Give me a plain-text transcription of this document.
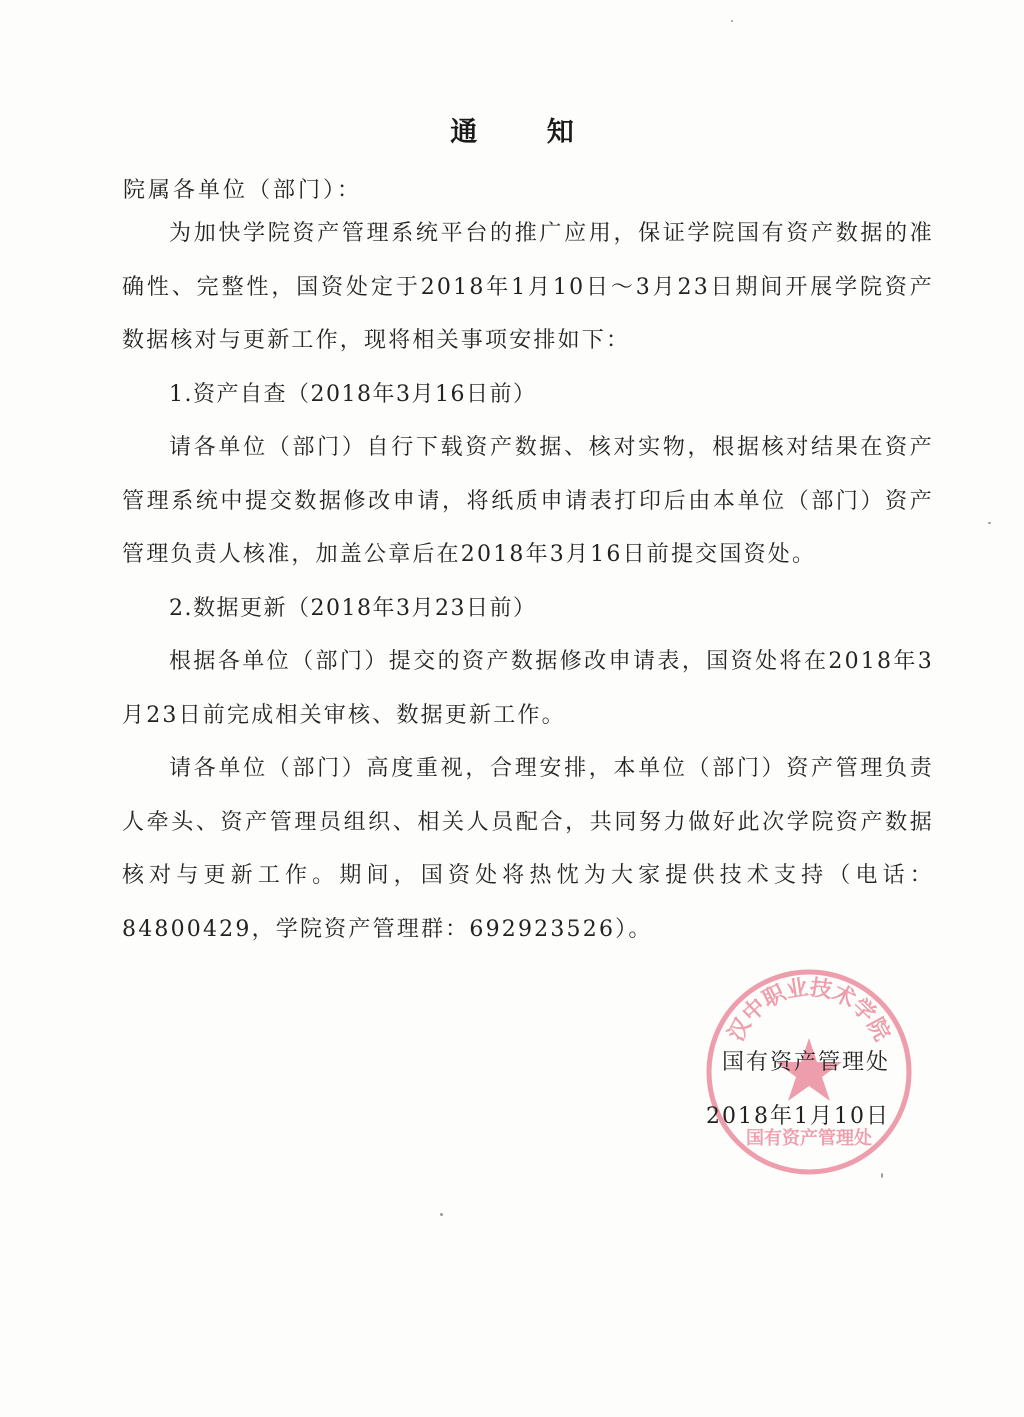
通 知
院属各单位（部门）：

为加快学院资产管理系统平台的推广应用，保证学院国有资产数据的准确性、完整性，国资处定于2018年1月10日～3月23日期间开展学院资产数据核对与更新工作，现将相关事项安排如下：

1.资产自查（2018年3月16日前）

请各单位（部门）自行下载资产数据、核对实物，根据核对结果在资产管理系统中提交数据修改申请，将纸质申请表打印后由本单位（部门）资产管理负责人核准，加盖公章后在2018年3月16日前提交国资处。

2.数据更新（2018年3月23日前）

根据各单位（部门）提交的资产数据修改申请表，国资处将在2018年3月23日前完成相关审核、数据更新工作。

请各单位（部门）高度重视，合理安排，本单位（部门）资产管理负责人牵头、资产管理员组织、相关人员配合，共同努力做好此次学院资产数据核对与更新工作。期间，国资处将热忱为大家提供技术支持（电话：84800429，学院资产管理群：692923526）。

汉中职业技术学院
国有资产管理处
国有资产管理处
2018年1月10日
